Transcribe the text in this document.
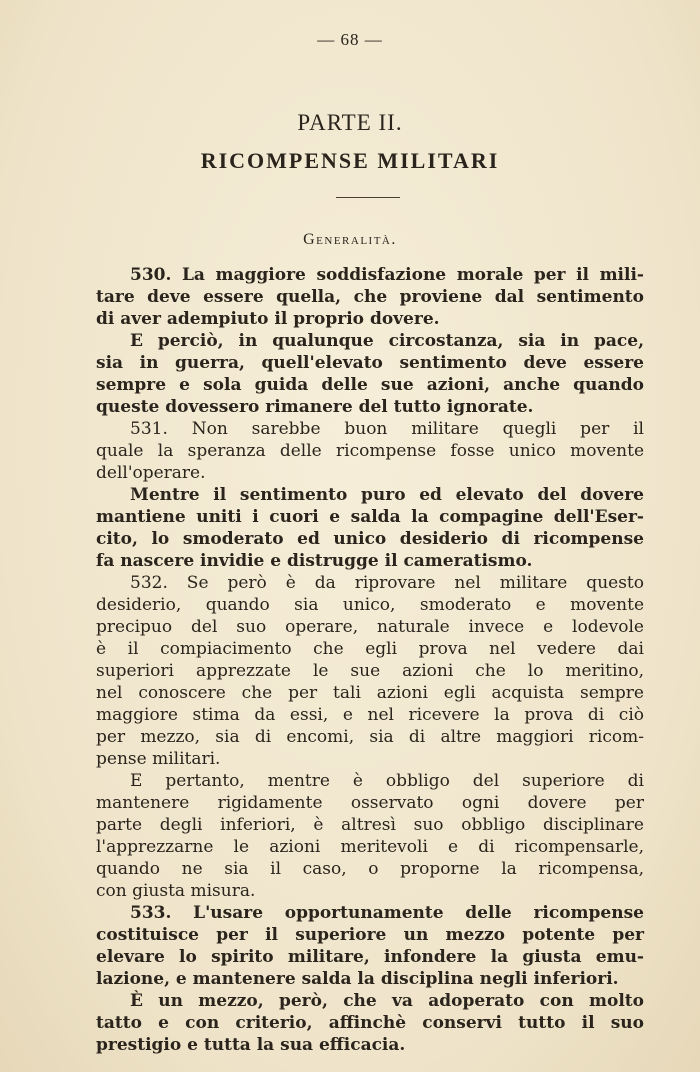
— 68 —
PARTE II.
RICOMPENSE MILITARI
Generalità.
530. La maggiore soddisfazione morale per il mili-
tare deve essere quella, che proviene dal sentimento
di aver adempiuto il proprio dovere.
E perciò, in qualunque circostanza, sia in pace,
sia in guerra, quell'elevato sentimento deve essere
sempre e sola guida delle sue azioni, anche quando
queste dovessero rimanere del tutto ignorate.
531. Non sarebbe buon militare quegli per il
quale la speranza delle ricompense fosse unico movente
dell'operare.
Mentre il sentimento puro ed elevato del dovere
mantiene uniti i cuori e salda la compagine dell'Eser-
cito, lo smoderato ed unico desiderio di ricompense
fa nascere invidie e distrugge il cameratismo.
532. Se però è da riprovare nel militare questo
desiderio, quando sia unico, smoderato e movente
precipuo del suo operare, naturale invece e lodevole
è il compiacimento che egli prova nel vedere dai
superiori apprezzate le sue azioni che lo meritino,
nel conoscere che per tali azioni egli acquista sempre
maggiore stima da essi, e nel ricevere la prova di ciò
per mezzo, sia di encomi, sia di altre maggiori ricom-
pense militari.
E pertanto, mentre è obbligo del superiore di
mantenere rigidamente osservato ogni dovere per
parte degli inferiori, è altresì suo obbligo disciplinare
l'apprezzarne le azioni meritevoli e di ricompensarle,
quando ne sia il caso, o proporne la ricompensa,
con giusta misura.
533. L'usare opportunamente delle ricompense
costituisce per il superiore un mezzo potente per
elevare lo spirito militare, infondere la giusta emu-
lazione, e mantenere salda la disciplina negli inferiori.
È un mezzo, però, che va adoperato con molto
tatto e con criterio, affinchè conservi tutto il suo
prestigio e tutta la sua efficacia.
